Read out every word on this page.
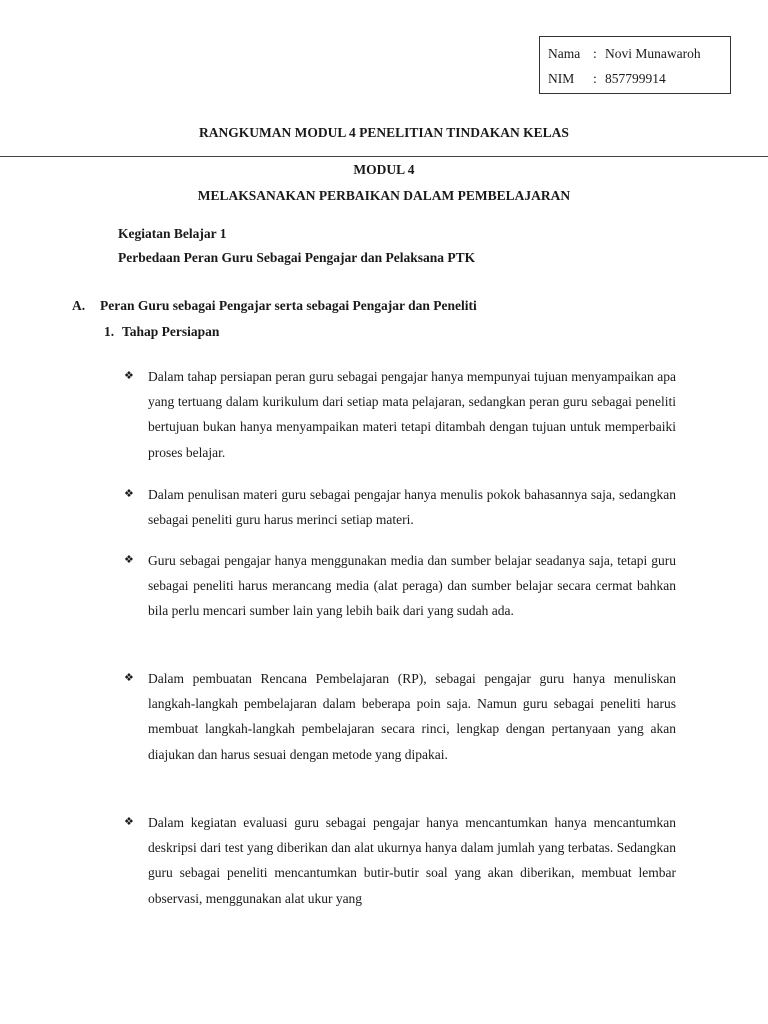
Nama : Novi Munawaroh
NIM	: 857799914
RANGKUMAN MODUL 4 PENELITIAN TINDAKAN KELAS
MODUL 4
MELAKSANAKAN PERBAIKAN DALAM PEMBELAJARAN
Kegiatan Belajar 1
Perbedaan Peran Guru Sebagai Pengajar dan Pelaksana PTK
A.	Peran Guru sebagai Pengajar serta sebagai Pengajar dan Peneliti
1. Tahap Persiapan
❖	Dalam tahap persiapan peran guru sebagai pengajar hanya mempunyai tujuan menyampaikan apa yang tertuang dalam kurikulum dari setiap mata pelajaran, sedangkan peran guru sebagai peneliti bertujuan bukan hanya menyampaikan materi tetapi ditambah dengan tujuan untuk memperbaiki proses belajar.
❖	Dalam penulisan materi guru sebagai pengajar hanya menulis pokok bahasannya saja, sedangkan sebagai peneliti guru harus merinci setiap materi.
❖	Guru sebagai pengajar hanya menggunakan media dan sumber belajar seadanya saja, tetapi guru sebagai peneliti harus merancang media (alat peraga) dan sumber belajar secara cermat bahkan bila perlu mencari sumber lain yang lebih baik dari yang sudah ada.
❖	Dalam pembuatan Rencana Pembelajaran (RP), sebagai pengajar guru hanya menuliskan langkah-langkah pembelajaran dalam beberapa poin saja. Namun guru sebagai peneliti harus membuat langkah-langkah pembelajaran secara rinci, lengkap dengan pertanyaan yang akan diajukan dan harus sesuai dengan metode yang dipakai.
❖	Dalam kegiatan evaluasi guru sebagai pengajar hanya mencantumkan hanya mencantumkan deskripsi dari test yang diberikan dan alat ukurnya hanya dalam jumlah yang terbatas. Sedangkan guru sebagai peneliti mencantumkan butir-butir soal yang akan diberikan, membuat lembar observasi, menggunakan alat ukur yang
